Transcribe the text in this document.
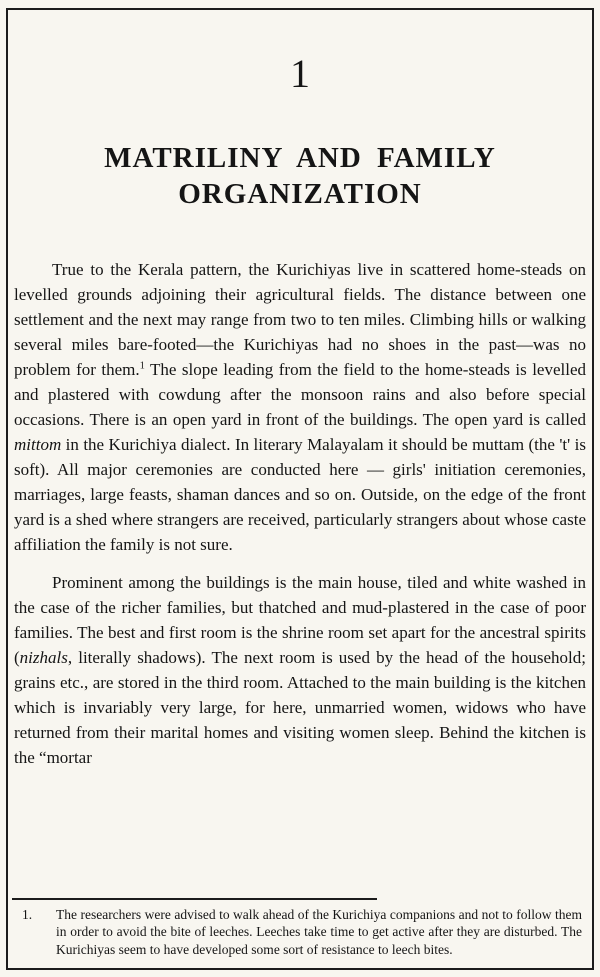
1
MATRILINY AND FAMILY
ORGANIZATION

True to the Kerala pattern, the Kurichiyas live in scattered home-steads on levelled grounds adjoining their agricultural fields. The distance between one settlement and the next may range from two to ten miles. Climbing hills or walking several miles bare-footed—the Kurichiyas had no shoes in the past—was no problem for them.$^1$ The slope leading from the field to the home-steads is levelled and plastered with cowdung after the monsoon rains and also before special occasions. There is an open yard in front of the buildings. The open yard is called mittom in the Kurichiya dialect. In literary Malayalam it should be muttam (the 't' is soft). All major ceremonies are conducted here — girls' initiation ceremonies, marriages, large feasts, shaman dances and so on. Outside, on the edge of the front yard is a shed where strangers are received, particularly strangers about whose caste affiliation the family is not sure.

Prominent among the buildings is the main house, tiled and white washed in the case of the richer families, but thatched and mud-plastered in the case of poor families. The best and first room is the shrine room set apart for the ancestral spirits (nizhals, literally shadows). The next room is used by the head of the household; grains etc., are stored in the third room. Attached to the main building is the kitchen which is invariably very large, for here, unmarried women, widows who have returned from their marital homes and visiting women sleep. Behind the kitchen is the “mortar

1.	The researchers were advised to walk ahead of the Kurichiya companions and not to follow them in order to avoid the bite of leeches. Leeches take time to get active after they are disturbed. The Kurichiyas seem to have developed some sort of resistance to leech bites.
